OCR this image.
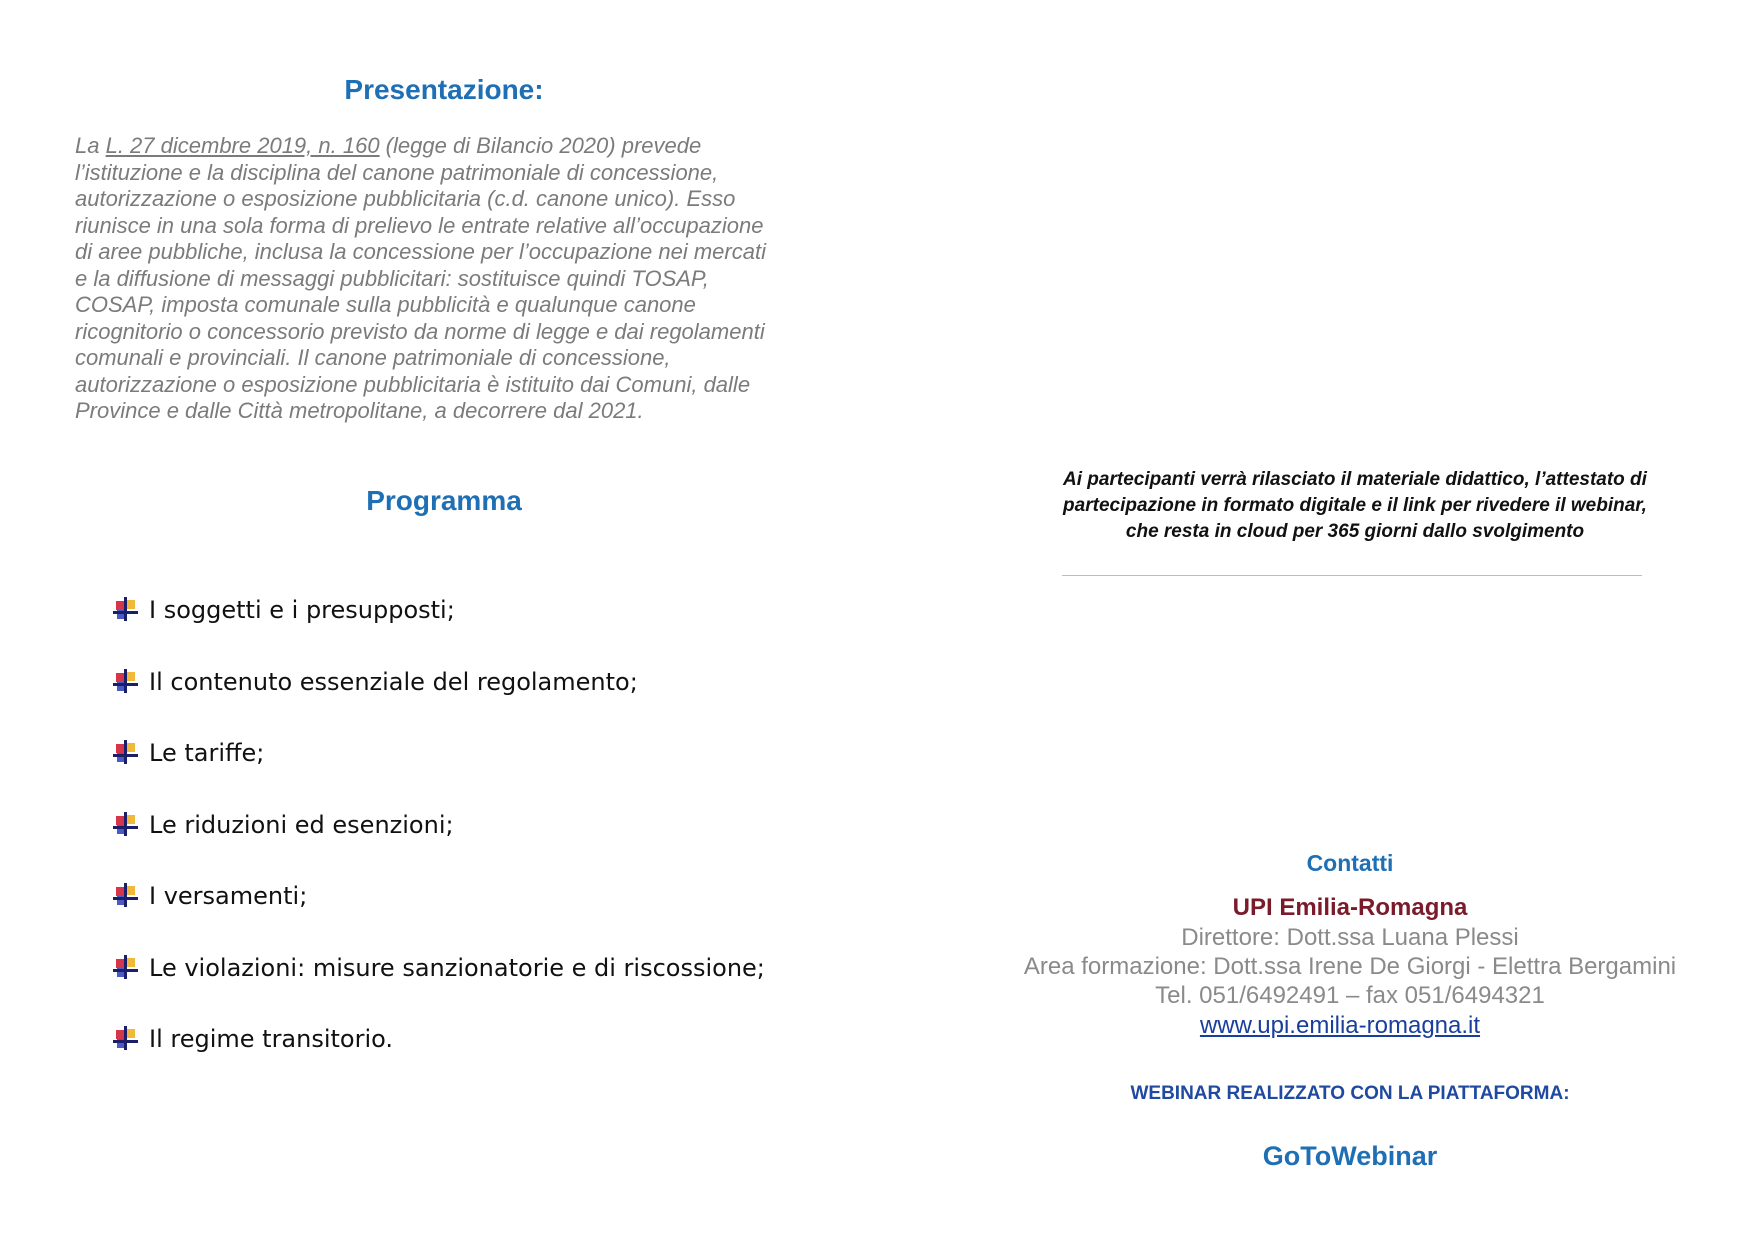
Presentazione:
La L. 27 dicembre 2019, n. 160 (legge di Bilancio 2020) prevede
l’istituzione e la disciplina del canone patrimoniale di concessione,
autorizzazione o esposizione pubblicitaria (c.d. canone unico). Esso
riunisce in una sola forma di prelievo le entrate relative all’occupazione
di aree pubbliche, inclusa la concessione per l’occupazione nei mercati
e la diffusione di messaggi pubblicitari: sostituisce quindi TOSAP,
COSAP, imposta comunale sulla pubblicità e qualunque canone
ricognitorio o concessorio previsto da norme di legge e dai regolamenti
comunali e provinciali. Il canone patrimoniale di concessione,
autorizzazione o esposizione pubblicitaria è istituito dai Comuni, dalle
Province e dalle Città metropolitane, a decorrere dal 2021.
Programma
I soggetti e i presupposti;
Il contenuto essenziale del regolamento;
Le tariffe;
Le riduzioni ed esenzioni;
I versamenti;
Le violazioni: misure sanzionatorie e di riscossione;
Il regime transitorio.
Ai partecipanti verrà rilasciato il materiale didattico, l’attestato di
partecipazione in formato digitale e il link per rivedere il webinar,
che resta in cloud per 365 giorni dallo svolgimento
Contatti
UPI Emilia-Romagna
Direttore: Dott.ssa Luana Plessi
Area formazione: Dott.ssa Irene De Giorgi - Elettra Bergamini
Tel. 051/6492491 – fax 051/6494321
www.upi.emilia-romagna.it
WEBINAR REALIZZATO CON LA PIATTAFORMA:
GoToWebinar
